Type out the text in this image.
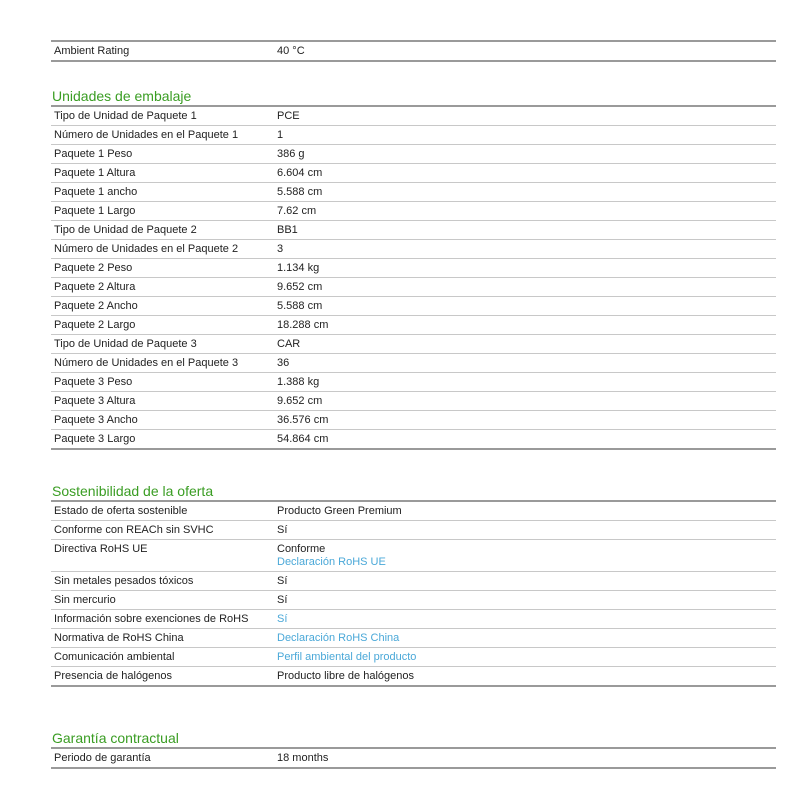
Ambient Rating	40 °C
Unidades de embalaje
Tipo de Unidad de Paquete 1	PCE
Número de Unidades en el Paquete 1	1
Paquete 1 Peso	386 g
Paquete 1 Altura	6.604 cm
Paquete 1 ancho	5.588 cm
Paquete 1 Largo	7.62 cm
Tipo de Unidad de Paquete 2	BB1
Número de Unidades en el Paquete 2	3
Paquete 2 Peso	1.134 kg
Paquete 2 Altura	9.652 cm
Paquete 2 Ancho	5.588 cm
Paquete 2 Largo	18.288 cm
Tipo de Unidad de Paquete 3	CAR
Número de Unidades en el Paquete 3	36
Paquete 3 Peso	1.388 kg
Paquete 3 Altura	9.652 cm
Paquete 3 Ancho	36.576 cm
Paquete 3 Largo	54.864 cm
Sostenibilidad de la oferta
Estado de oferta sostenible	Producto Green Premium
Conforme con REACh sin SVHC	Sí
Directiva RoHS UE	Conforme
Declaración RoHS UE
Sin metales pesados tóxicos	Sí
Sin mercurio	Sí
Información sobre exenciones de RoHS	Sí
Normativa de RoHS China	Declaración RoHS China
Comunicación ambiental	Perfil ambiental del producto
Presencia de halógenos	Producto libre de halógenos
Garantía contractual
Periodo de garantía	18 months
